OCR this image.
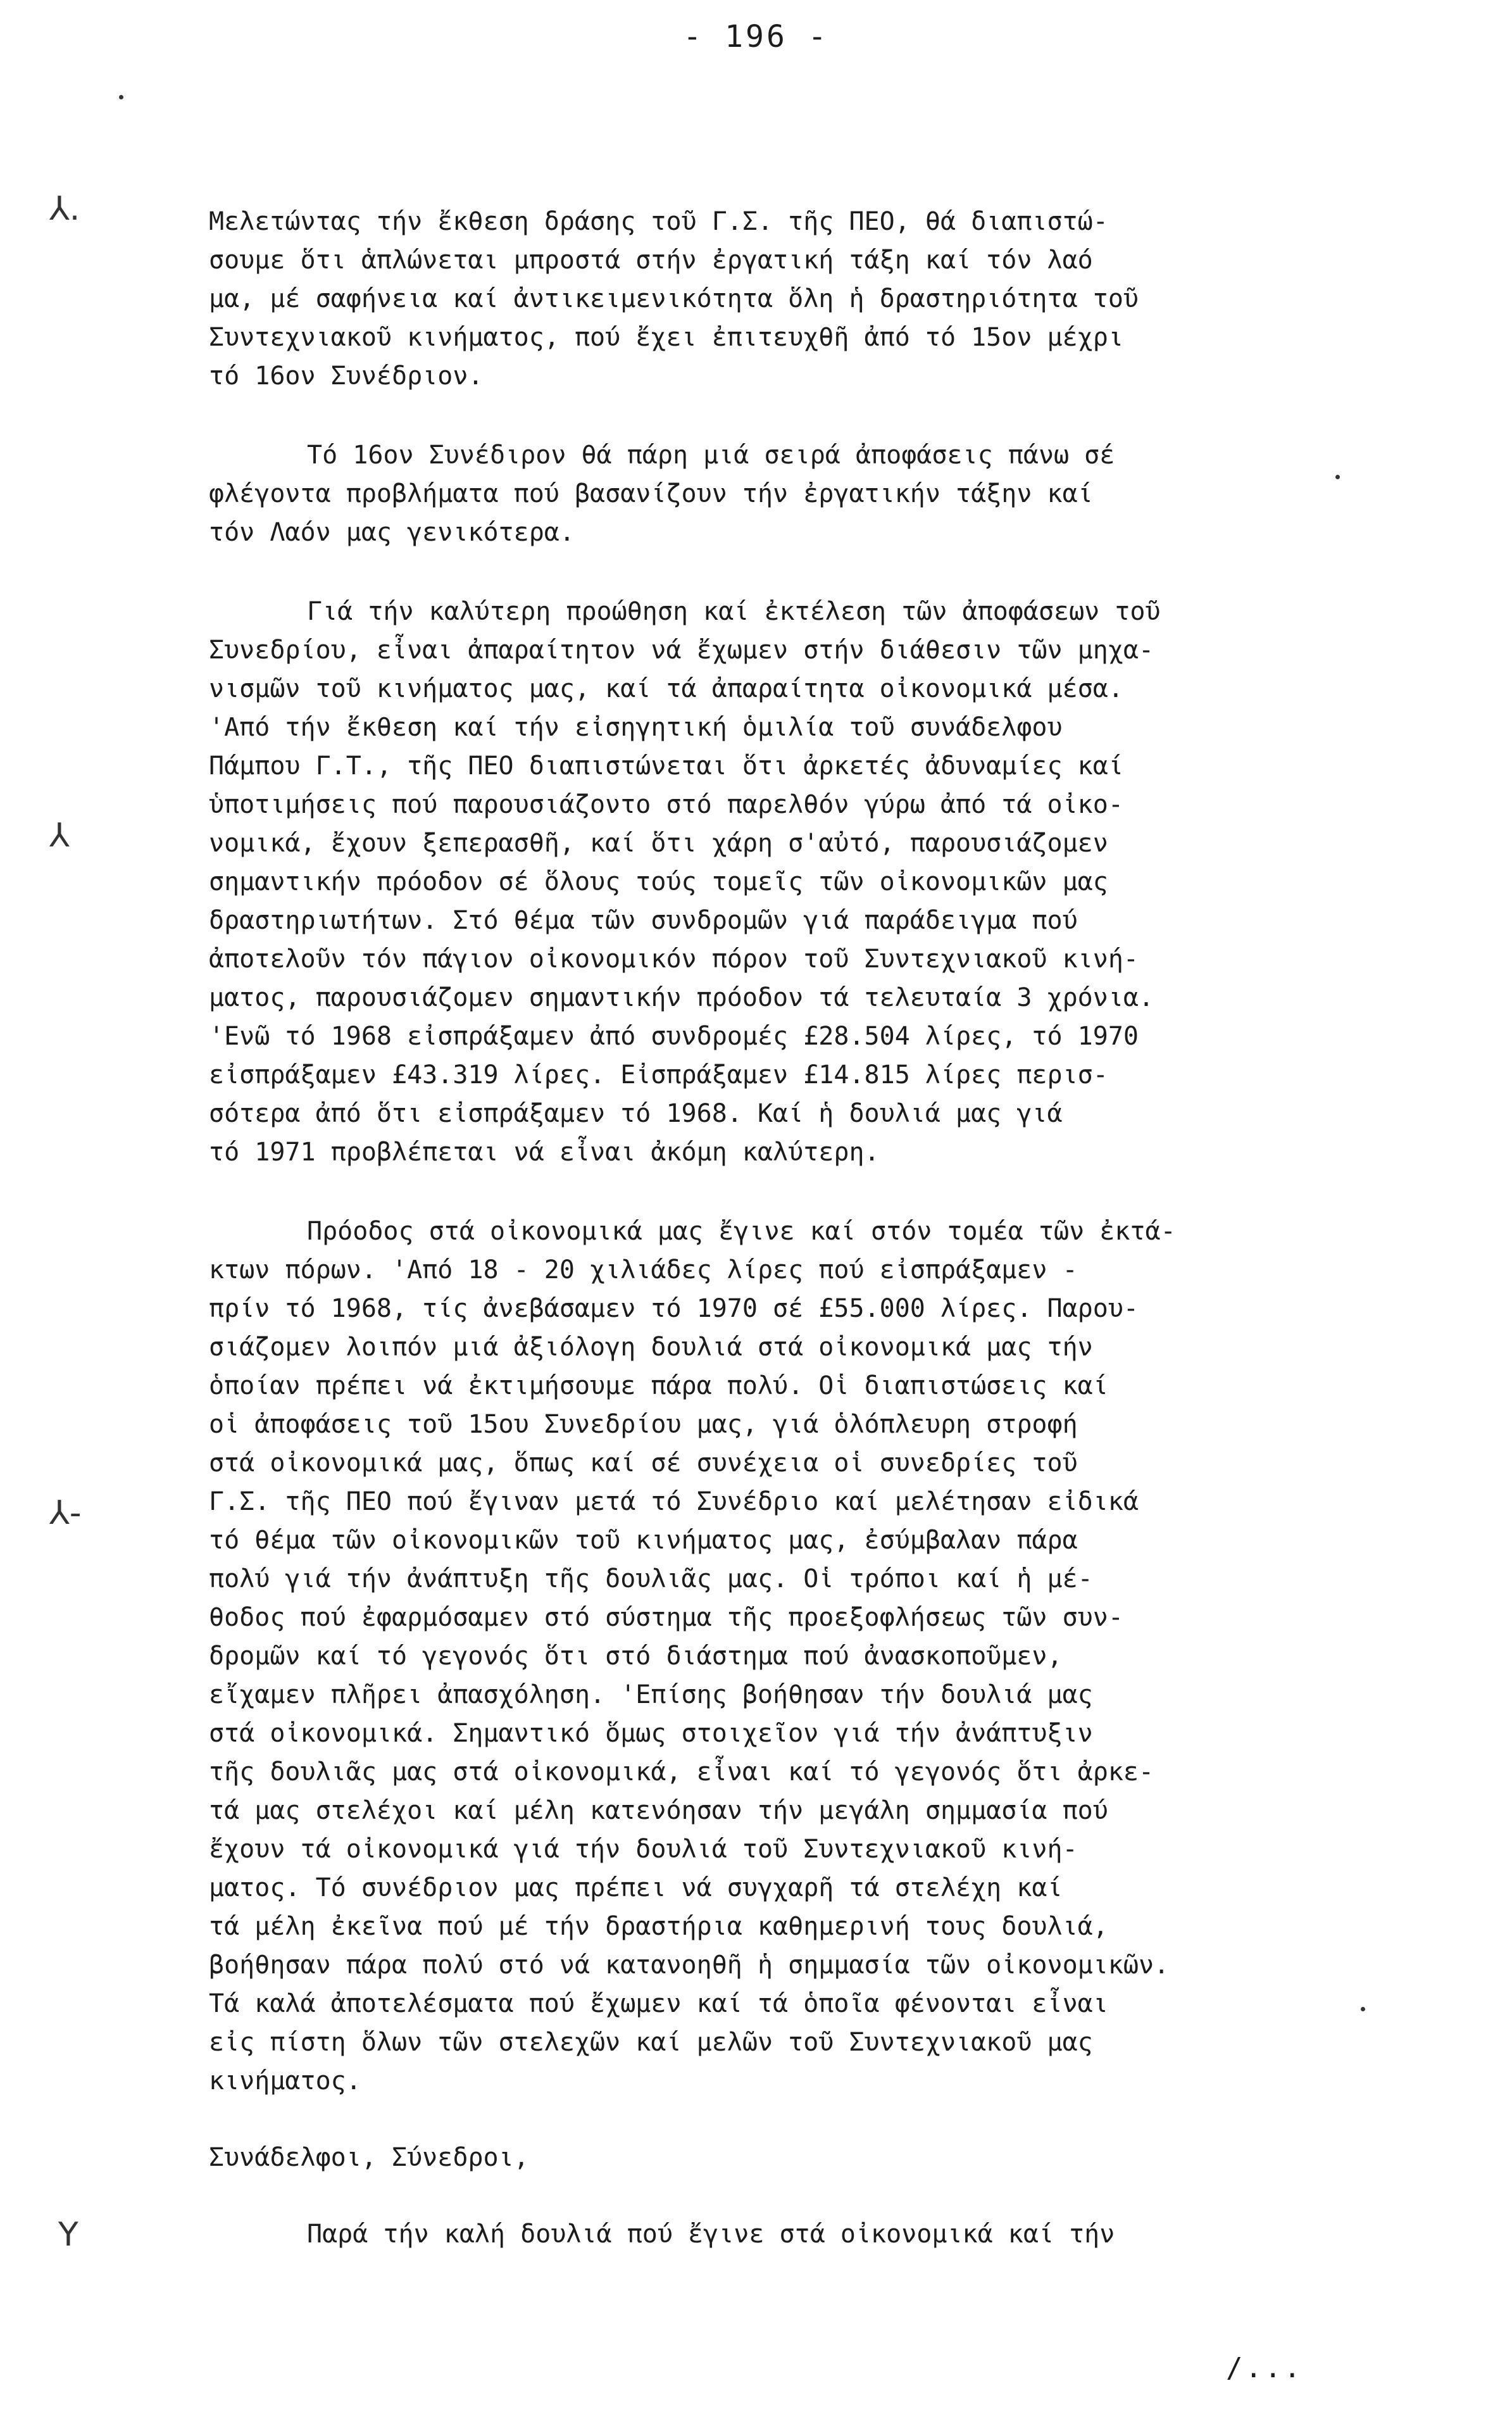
- 196 -
⅄.
⅄
⅄-
Y
Μελετώντας τήν ἔκθεση δράσης τοῦ Γ.Σ. τῆς ΠΕΟ, θά διαπιστώ-
σουμε ὅτι ἁπλώνεται μπροστά στήν ἐργατική τάξη καί τόν λαό
μα, μέ σαφήνεια καί ἀντικειμενικότητα ὅλη ἡ δραστηριότητα τοῦ
Συντεχνιακοῦ κινήματος, πού ἔχει ἐπιτευχθῆ ἀπό τό 15ον μέχρι
τό 16ον Συνέδριον.
Τό 16ον Συνέδιρον θά πάρη μιά σειρά ἀποφάσεις πάνω σέ
φλέγοντα προβλήματα πού βασανίζουν τήν ἐργατικήν τάξην καί
τόν Λαόν μας γενικότερα.
Γιά τήν καλύτερη προώθηση καί ἐκτέλεση τῶν ἀποφάσεων τοῦ
Συνεδρίου, εἶναι ἀπαραίτητον νά ἔχωμεν στήν διάθεσιν τῶν μηχα-
νισμῶν τοῦ κινήματος μας, καί τά ἀπαραίτητα οἰκονομικά μέσα.
'Από τήν ἔκθεση καί τήν εἰσηγητική ὁμιλία τοῦ συνάδελφου
Πάμπου Γ.Τ., τῆς ΠΕΟ διαπιστώνεται ὅτι ἀρκετές ἀδυναμίες καί
ὑποτιμήσεις πού παρουσιάζοντο στό παρελθόν γύρω ἀπό τά οἰκο-
νομικά, ἔχουν ξεπερασθῆ, καί ὅτι χάρη σ'αὐτό, παρουσιάζομεν
σημαντικήν πρόοδον σέ ὅλους τούς τομεῖς τῶν οἰκονομικῶν μας
δραστηριωτήτων. Στό θέμα τῶν συνδρομῶν γιά παράδειγμα πού
ἀποτελοῦν τόν πάγιον οἰκονομικόν πόρον τοῦ Συντεχνιακοῦ κινή-
ματος, παρουσιάζομεν σημαντικήν πρόοδον τά τελευταία 3 χρόνια.
'Ενῶ τό 1968 εἰσπράξαμεν ἀπό συνδρομές £28.504 λίρες, τό 1970
εἰσπράξαμεν £43.319 λίρες. Εἰσπράξαμεν £14.815 λίρες περισ-
σότερα ἀπό ὅτι εἰσπράξαμεν τό 1968. Καί ἡ δουλιά μας γιά
τό 1971 προβλέπεται νά εἶναι ἀκόμη καλύτερη.
Πρόοδος στά οἰκονομικά μας ἔγινε καί στόν τομέα τῶν ἐκτά-
κτων πόρων. 'Από 18 - 20 χιλιάδες λίρες πού εἰσπράξαμεν -
πρίν τό 1968, τίς ἀνεβάσαμεν τό 1970 σέ £55.000 λίρες. Παρου-
σιάζομεν λοιπόν μιά ἀξιόλογη δουλιά στά οἰκονομικά μας τήν
ὁποίαν πρέπει νά ἐκτιμήσουμε πάρα πολύ. Οἱ διαπιστώσεις καί
οἱ ἀποφάσεις τοῦ 15ου Συνεδρίου μας, γιά ὁλόπλευρη στροφή
στά οἰκονομικά μας, ὅπως καί σέ συνέχεια οἱ συνεδρίες τοῦ
Γ.Σ. τῆς ΠΕΟ πού ἔγιναν μετά τό Συνέδριο καί μελέτησαν εἰδικά
τό θέμα τῶν οἰκονομικῶν τοῦ κινήματος μας, ἐσύμβαλαν πάρα
πολύ γιά τήν ἀνάπτυξη τῆς δουλιᾶς μας. Οἱ τρόποι καί ἡ μέ-
θοδος πού ἐφαρμόσαμεν στό σύστημα τῆς προεξοφλήσεως τῶν συν-
δρομῶν καί τό γεγονός ὅτι στό διάστημα πού ἀνασκοποῦμεν,
εἴχαμεν πλῆρει ἀπασχόληση. 'Επίσης βοήθησαν τήν δουλιά μας
στά οἰκονομικά. Σημαντικό ὅμως στοιχεῖον γιά τήν ἀνάπτυξιν
τῆς δουλιᾶς μας στά οἰκονομικά, εἶναι καί τό γεγονός ὅτι ἀρκε-
τά μας στελέχοι καί μέλη κατενόησαν τήν μεγάλη σημμασία πού
ἔχουν τά οἰκονομικά γιά τήν δουλιά τοῦ Συντεχνιακοῦ κινή-
ματος. Τό συνέδριον μας πρέπει νά συγχαρῆ τά στελέχη καί
τά μέλη ἐκεῖνα πού μέ τήν δραστήρια καθημερινή τους δουλιά,
βοήθησαν πάρα πολύ στό νά κατανοηθῆ ἡ σημμασία τῶν οἰκονομικῶν.
Τά καλά ἀποτελέσματα πού ἔχωμεν καί τά ὁποῖα φένονται εἶναι
εἰς πίστη ὅλων τῶν στελεχῶν καί μελῶν τοῦ Συντεχνιακοῦ μας
κινήματος.
Συνάδελφοι, Σύνεδροι,
Παρά τήν καλή δουλιά πού ἔγινε στά οἰκονομικά καί τήν
/...
